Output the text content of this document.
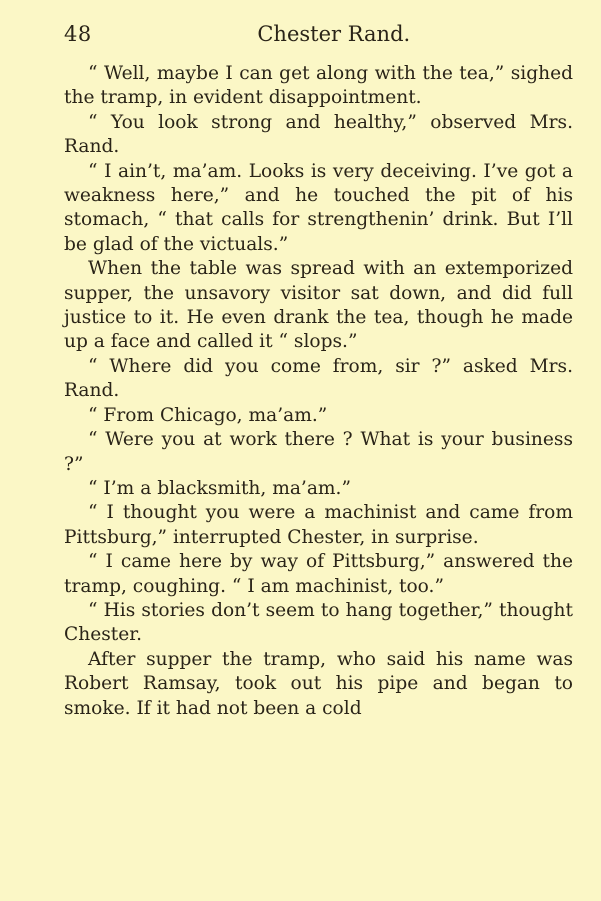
48	Chester Rand.

“ Well, maybe I can get along with the tea,” sighed the tramp, in evident disappointment.

“ You look strong and healthy,” observed Mrs. Rand.

“ I ain’t, ma’am. Looks is very deceiving. I’ve got a weakness here,” and he touched the pit of his stomach, “ that calls for strengthenin’ drink. But I’ll be glad of the victuals.”

When the table was spread with an extemporized supper, the unsavory visitor sat down, and did full justice to it. He even drank the tea, though he made up a face and called it “ slops.”

“ Where did you come from, sir ?” asked Mrs. Rand.

“ From Chicago, ma’am.”

“ Were you at work there ? What is your business ?”

“ I’m a blacksmith, ma’am.”

“ I thought you were a machinist and came from Pittsburg,” interrupted Chester, in surprise.

“ I came here by way of Pittsburg,” answered the tramp, coughing. “ I am machinist, too.”

“ His stories don’t seem to hang together,” thought Chester.

After supper the tramp, who said his name was Robert Ramsay, took out his pipe and began to smoke. If it had not been a cold
